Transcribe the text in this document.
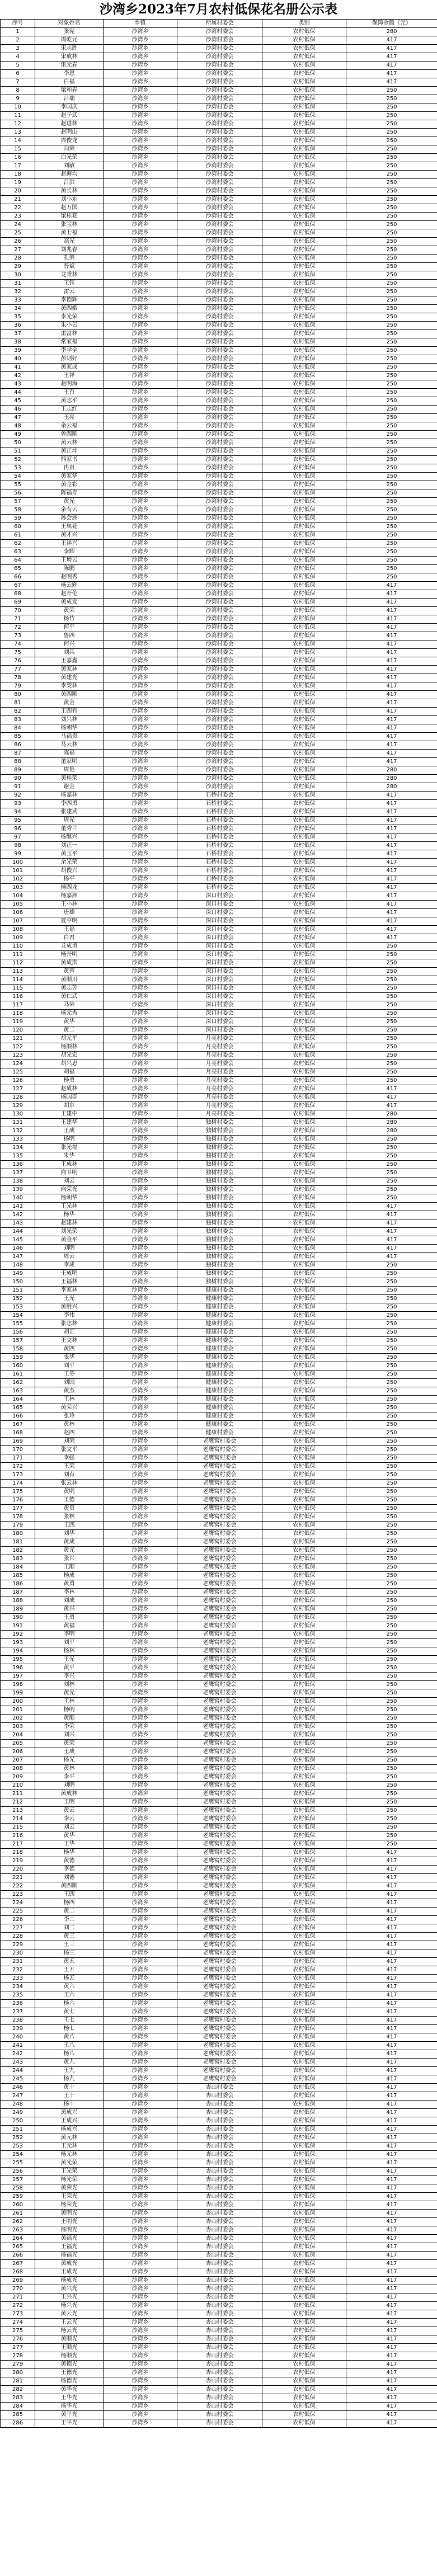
沙湾乡2023年7月农村低保花名册公示表
序号	对象姓名	乡镇	所属村委会	类别	保障金额（元）
1	张宪	沙湾乡	沙湾村委会	农村低保	280
2	周乾元	沙湾乡	沙湾村委会	农村低保	417
3	宋志胜	沙湾乡	沙湾村委会	农村低保	417
4	宋成林	沙湾乡	沙湾村委会	农村低保	417
5	雷元春	沙湾乡	沙湾村委会	农村低保	417
6	李恩	沙湾乡	沙湾村委会	农村低保	417
7	白福	沙湾乡	沙湾村委会	农村低保	417
8	梁和春	沙湾乡	沙湾村委会	农村低保	250
9	吕瑞	沙湾乡	沙湾村委会	农村低保	250
10	李国庆	沙湾乡	沙湾村委会	农村低保	250
11	赵子武	沙湾乡	沙湾村委会	农村低保	250
12	赵进林	沙湾乡	沙湾村委会	农村低保	250
13	赵明山	沙湾乡	沙湾村委会	农村低保	250
14	周俊龙	沙湾乡	沙湾村委会	农村低保	250
15	向荣	沙湾乡	沙湾村委会	农村低保	250
16	白光荣	沙湾乡	沙湾村委会	农村低保	250
17	刘敏	沙湾乡	沙湾村委会	农村低保	250
18	赵海均	沙湾乡	沙湾村委会	农村低保	250
19	吕洪	沙湾乡	沙湾村委会	农村低保	250
20	黄长林	沙湾乡	沙湾村委会	农村低保	250
21	刘小东	沙湾乡	沙湾村委会	农村低保	250
22	赵万国	沙湾乡	沙湾村委会	农村低保	250
23	梁桂花	沙湾乡	沙湾村委会	农村低保	250
24	张宝林	沙湾乡	沙湾村委会	农村低保	250
25	黄七福	沙湾乡	沙湾村委会	农村低保	250
26	高光	沙湾乡	沙湾村委会	农村低保	250
27	刘兆春	沙湾乡	沙湾村委会	农村低保	250
28	孔荣	沙湾乡	沙湾村委会	农村低保	250
29	普斌	沙湾乡	沙湾村委会	农村低保	250
30	龙秉林	沙湾乡	沙湾村委会	农村低保	250
31	王钰	沙湾乡	沙湾村委会	农村低保	250
32	雷云	沙湾乡	沙湾村委会	农村低保	250
33	李德辉	沙湾乡	沙湾村委会	农村低保	250
34	黄四娥	沙湾乡	沙湾村委会	农村低保	250
35	李光荣	沙湾乡	沙湾村委会	农村低保	250
36	朱小云	沙湾乡	沙湾村委会	农村低保	250
37	雷富林	沙湾乡	沙湾村委会	农村低保	250
38	常家福	沙湾乡	沙湾村委会	农村低保	250
39	李学全	沙湾乡	沙湾村委会	农村低保	250
40	彭则好	沙湾乡	沙湾村委会	农村低保	250
41	黄家成	沙湾乡	沙湾村委会	农村低保	250
42	王祥	沙湾乡	沙湾村委会	农村低保	250
43	赵明海	沙湾乡	沙湾村委会	农村低保	250
44	王有	沙湾乡	沙湾村委会	农村低保	250
45	黄志平	沙湾乡	沙湾村委会	农村低保	250
46	王志红	沙湾乡	沙湾村委会	农村低保	250
47	王亮	沙湾乡	沙湾村委会	农村低保	250
48	余云福	沙湾乡	沙湾村委会	农村低保	250
49	鲁四顺	沙湾乡	沙湾村委会	农村低保	250
50	黄云林	沙湾乡	沙湾村委会	农村低保	250
51	黄正坤	沙湾乡	沙湾村委会	农村低保	250
52	熊家书	沙湾乡	沙湾村委会	农村低保	250
53	冉贵	沙湾乡	沙湾村委会	农村低保	250
54	黄家华	沙湾乡	沙湾村委会	农村低保	250
55	黄金彩	沙湾乡	沙湾村委会	农村低保	250
56	陈福寿	沙湾乡	沙湾村委会	农村低保	250
57	黄光	沙湾乡	沙湾村委会	农村低保	250
58	余有云	沙湾乡	沙湾村委会	农村低保	250
59	孙会洲	沙湾乡	沙湾村委会	农村低保	250
60	王凤花	沙湾乡	沙湾村委会	农村低保	250
61	黄才兴	沙湾乡	沙湾村委会	农村低保	250
62	王祥兴	沙湾乡	沙湾村委会	农村低保	250
63	李辉	沙湾乡	沙湾村委会	农村低保	250
64	王增云	沙湾乡	沙湾村委会	农村低保	250
65	陈鹏	沙湾乡	沙湾村委会	农村低保	250
66	赵明秀	沙湾乡	沙湾村委会	农村低保	250
67	杨云辉	沙湾乡	沙湾村委会	农村低保	417
68	赵开伦	沙湾乡	沙湾村委会	农村低保	417
69	黄成发	沙湾乡	沙湾村委会	农村低保	417
70	黄荣	沙湾乡	沙湾村委会	农村低保	417
71	杨竹	沙湾乡	沙湾村委会	农村低保	417
72	何平	沙湾乡	沙湾村委会	农村低保	417
73	鲁四	沙湾乡	沙湾村委会	农村低保	417
74	何兴	沙湾乡	沙湾村委会	农村低保	417
75	刘兵	沙湾乡	沙湾村委会	农村低保	417
76	王嘉鑫	沙湾乡	沙湾村委会	农村低保	417
77	黄家林	沙湾乡	沙湾村委会	农村低保	417
78	黄建光	沙湾乡	沙湾村委会	农村低保	417
79	李梨林	沙湾乡	沙湾村委会	农村低保	417
80	黄四顺	沙湾乡	沙湾村委会	农村低保	417
81	黄金	沙湾乡	沙湾村委会	农村低保	417
82	王四有	沙湾乡	沙湾村委会	农村低保	417
83	刘兴林	沙湾乡	沙湾村委会	农村低保	417
84	杨朝华	沙湾乡	沙湾村委会	农村低保	417
85	马福贵	沙湾乡	沙湾村委会	农村低保	417
86	马云林	沙湾乡	沙湾村委会	农村低保	417
87	陈福	沙湾乡	沙湾村委会	农村低保	417
88	董家明	沙湾乡	沙湾村委会	农村低保	417
89	周艳	沙湾乡	沙湾村委会	农村低保	280
90	黄桂荣	沙湾乡	沙湾村委会	农村低保	280
91	谢金	沙湾乡	沙湾村委会	农村低保	280
92	杨嘉林	沙湾乡	石桥村委会	农村低保	417
93	李四勇	沙湾乡	石桥村委会	农村低保	417
94	张建武	沙湾乡	石桥村委会	农村低保	417
95	周光	沙湾乡	石桥村委会	农村低保	417
96	董秀兰	沙湾乡	石桥村委会	农村低保	417
97	杨继兴	沙湾乡	石桥村委会	农村低保	417
98	刘正一	沙湾乡	石桥村委会	农村低保	417
99	黄玉平	沙湾乡	石桥村委会	农村低保	417
100	余光荣	沙湾乡	石桥村委会	农村低保	417
101	胡俊兴	沙湾乡	石桥村委会	农村低保	417
102	杨平	沙湾乡	石桥村委会	农村低保	417
103	杨四龙	沙湾乡	石桥村委会	农村低保	417
104	杨嘉洲	沙湾乡	深口村委会	农村低保	417
105	王小林	沙湾乡	深口村委会	农村低保	417
106	唐雄	沙湾乡	深口村委会	农村低保	417
107	夏亨明	沙湾乡	深口村委会	农村低保	417
108	王福	沙湾乡	深口村委会	农村低保	417
109	白君	沙湾乡	深口村委会	农村低保	417
110	龙成勇	沙湾乡	深口村委会	农村低保	250
111	杨开明	沙湾乡	深口村委会	农村低保	250
112	黄成洪	沙湾乡	深口村委会	农村低保	250
113	黄蓉	沙湾乡	深口村委会	农村低保	250
114	黄顺川	沙湾乡	深口村委会	农村低保	250
115	黄志芳	沙湾乡	深口村委会	农村低保	250
116	黄仁武	沙湾乡	深口村委会	农村低保	250
117	马荣	沙湾乡	深口村委会	农村低保	250
118	杨元秀	沙湾乡	深口村委会	农村低保	250
119	黄华	沙湾乡	深口村委会	农村低保	250
120	黄二	沙湾乡	深口村委会	农村低保	250
121	胡元平	沙湾乡	月亮村委会	农村低保	250
122	杨顺林	沙湾乡	月亮村委会	农村低保	250
123	胡光宏	沙湾乡	月亮村委会	农村低保	250
124	胡兴忠	沙湾乡	月亮村委会	农村低保	250
125	胡福	沙湾乡	月亮村委会	农村低保	250
126	杨勇	沙湾乡	月亮村委会	农村低保	250
127	赵成林	沙湾乡	月亮村委会	农村低保	417
128	杨国群	沙湾乡	月亮村委会	农村低保	417
129	胡东	沙湾乡	月亮村委会	农村低保	417
130	王建中	沙湾乡	月亮村委会	农村低保	280
131	王建华	沙湾乡	独树村委会	农村低保	280
132	王成	沙湾乡	独树村委会	农村低保	280
133	杨明	沙湾乡	独树村委会	农村低保	250
134	张光福	沙湾乡	独树村委会	农村低保	250
135	朱华	沙湾乡	独树村委会	农村低保	250
136	王成林	沙湾乡	独树村委会	农村低保	250
137	向卫明	沙湾乡	独树村委会	农村低保	250
138	刘云	沙湾乡	独树村委会	农村低保	250
139	向荣光	沙湾乡	独树村委会	农村低保	250
140	杨朝华	沙湾乡	独树村委会	农村低保	250
141	王光林	沙湾乡	独树村委会	农村低保	417
142	杨华	沙湾乡	独树村委会	农村低保	417
143	赵建林	沙湾乡	独树村委会	农村低保	417
144	刘光荣	沙湾乡	独树村委会	农村低保	417
145	黄金平	沙湾乡	独树村委会	农村低保	417
146	刘明	沙湾乡	独树村委会	农村低保	417
147	周云	沙湾乡	独树村委会	农村低保	417
148	李成	沙湾乡	独树村委会	农村低保	250
149	王成明	沙湾乡	独树村委会	农村低保	250
150	王福林	沙湾乡	独树村委会	农村低保	250
151	李家林	沙湾乡	健康村委会	农村低保	250
152	王光	沙湾乡	健康村委会	农村低保	250
153	黄胜兴	沙湾乡	健康村委会	农村低保	250
154	李伟	沙湾乡	健康村委会	农村低保	250
155	张志林	沙湾乡	健康村委会	农村低保	250
156	胡正	沙湾乡	健康村委会	农村低保	250
157	王文林	沙湾乡	健康村委会	农村低保	250
158	黄四	沙湾乡	健康村委会	农村低保	250
159	张华	沙湾乡	健康村委会	农村低保	250
160	刘平	沙湾乡	健康村委会	农村低保	250
161	王芬	沙湾乡	健康村委会	农村低保	250
162	刘国	沙湾乡	健康村委会	农村低保	250
163	黄杰	沙湾乡	健康村委会	农村低保	250
164	王林	沙湾乡	健康村委会	农村低保	250
165	黄荣兴	沙湾乡	健康村委会	农村低保	250
166	张玲	沙湾乡	健康村委会	农村低保	250
167	黄林	沙湾乡	健康村委会	农村低保	250
168	赵四	沙湾乡	健康村委会	农村低保	250
169	刘荣	沙湾乡	老鹰窝村委会	农村低保	250
170	张文平	沙湾乡	老鹰窝村委会	农村低保	250
171	李强	沙湾乡	老鹰窝村委会	农村低保	250
172	王荣	沙湾乡	老鹰窝村委会	农村低保	250
173	刘有	沙湾乡	老鹰窝村委会	农村低保	250
174	张云林	沙湾乡	老鹰窝村委会	农村低保	250
175	黄明	沙湾乡	老鹰窝村委会	农村低保	250
176	王德	沙湾乡	老鹰窝村委会	农村低保	250
177	黄贵	沙湾乡	老鹰窝村委会	农村低保	250
178	张林	沙湾乡	老鹰窝村委会	农村低保	250
179	王四	沙湾乡	老鹰窝村委会	农村低保	250
180	刘华	沙湾乡	老鹰窝村委会	农村低保	250
181	黄成	沙湾乡	老鹰窝村委会	农村低保	250
182	黄元	沙湾乡	老鹰窝村委会	农村低保	250
183	张兴	沙湾乡	老鹰窝村委会	农村低保	250
184	王顺	沙湾乡	老鹰窝村委会	农村低保	250
185	杨成	沙湾乡	老鹰窝村委会	农村低保	250
186	黄勇	沙湾乡	老鹰窝村委会	农村低保	250
187	李林	沙湾乡	老鹰窝村委会	农村低保	250
188	刘成	沙湾乡	老鹰窝村委会	农村低保	250
189	黄兴	沙湾乡	老鹰窝村委会	农村低保	250
190	王勇	沙湾乡	老鹰窝村委会	农村低保	250
191	黄福	沙湾乡	老鹰窝村委会	农村低保	250
192	李明	沙湾乡	老鹰窝村委会	农村低保	250
193	刘平	沙湾乡	老鹰窝村委会	农村低保	250
194	杨林	沙湾乡	老鹰窝村委会	农村低保	250
195	王光	沙湾乡	老鹰窝村委会	农村低保	250
196	黄平	沙湾乡	老鹰窝村委会	农村低保	250
197	李兴	沙湾乡	老鹰窝村委会	农村低保	250
198	刘林	沙湾乡	老鹰窝村委会	农村低保	250
199	黄光	沙湾乡	老鹰窝村委会	农村低保	250
200	王林	沙湾乡	老鹰窝村委会	农村低保	250
201	杨明	沙湾乡	老鹰窝村委会	农村低保	250
202	黄顺	沙湾乡	老鹰窝村委会	农村低保	250
203	李荣	沙湾乡	老鹰窝村委会	农村低保	250
204	刘兴	沙湾乡	老鹰窝村委会	农村低保	250
205	黄荣	沙湾乡	老鹰窝村委会	农村低保	250
206	王成	沙湾乡	老鹰窝村委会	农村低保	250
207	杨光	沙湾乡	老鹰窝村委会	农村低保	250
208	黄林	沙湾乡	老鹰窝村委会	农村低保	250
209	李平	沙湾乡	老鹰窝村委会	农村低保	250
210	刘明	沙湾乡	老鹰窝村委会	农村低保	250
211	黄成林	沙湾乡	老鹰窝村委会	农村低保	250
212	王明	沙湾乡	老鹰窝村委会	农村低保	250
213	黄云	沙湾乡	老鹰窝村委会	农村低保	250
214	李云	沙湾乡	老鹰窝村委会	农村低保	250
215	刘云	沙湾乡	老鹰窝村委会	农村低保	250
216	黄华	沙湾乡	老鹰窝村委会	农村低保	250
217	王华	沙湾乡	老鹰窝村委会	农村低保	250
218	杨华	沙湾乡	老鹰窝村委会	农村低保	417
219	黄德	沙湾乡	老鹰窝村委会	农村低保	417
220	李德	沙湾乡	老鹰窝村委会	农村低保	417
221	刘德	沙湾乡	老鹰窝村委会	农村低保	417
222	黄四顺	沙湾乡	老鹰窝村委会	农村低保	417
223	王四	沙湾乡	老鹰窝村委会	农村低保	417
224	杨四	沙湾乡	老鹰窝村委会	农村低保	417
225	黄二	沙湾乡	老鹰窝村委会	农村低保	417
226	李二	沙湾乡	老鹰窝村委会	农村低保	417
227	刘二	沙湾乡	老鹰窝村委会	农村低保	417
228	黄三	沙湾乡	老鹰窝村委会	农村低保	417
229	王三	沙湾乡	老鹰窝村委会	农村低保	417
230	杨三	沙湾乡	老鹰窝村委会	农村低保	417
231	黄五	沙湾乡	老鹰窝村委会	农村低保	417
232	王五	沙湾乡	老鹰窝村委会	农村低保	417
233	杨五	沙湾乡	老鹰窝村委会	农村低保	417
234	黄六	沙湾乡	老鹰窝村委会	农村低保	417
235	王六	沙湾乡	老鹰窝村委会	农村低保	417
236	杨六	沙湾乡	老鹰窝村委会	农村低保	417
237	黄七	沙湾乡	老鹰窝村委会	农村低保	417
238	王七	沙湾乡	老鹰窝村委会	农村低保	417
239	杨七	沙湾乡	老鹰窝村委会	农村低保	417
240	黄八	沙湾乡	老鹰窝村委会	农村低保	417
241	王八	沙湾乡	老鹰窝村委会	农村低保	417
242	杨八	沙湾乡	老鹰窝村委会	农村低保	417
243	黄九	沙湾乡	老鹰窝村委会	农村低保	417
244	王九	沙湾乡	老鹰窝村委会	农村低保	417
245	杨九	沙湾乡	老鹰窝村委会	农村低保	417
246	黄十	沙湾乡	杏山村委会	农村低保	417
247	王十	沙湾乡	杏山村委会	农村低保	417
248	杨十	沙湾乡	杏山村委会	农村低保	417
249	黄成兴	沙湾乡	杏山村委会	农村低保	417
250	王成兴	沙湾乡	杏山村委会	农村低保	417
251	杨成兴	沙湾乡	杏山村委会	农村低保	417
252	黄元林	沙湾乡	杏山村委会	农村低保	417
253	王元林	沙湾乡	杏山村委会	农村低保	417
254	杨元林	沙湾乡	杏山村委会	农村低保	417
255	黄光荣	沙湾乡	杏山村委会	农村低保	417
256	王光荣	沙湾乡	杏山村委会	农村低保	417
257	杨光荣	沙湾乡	杏山村委会	农村低保	417
258	黄荣光	沙湾乡	杏山村委会	农村低保	417
259	王荣光	沙湾乡	杏山村委会	农村低保	417
260	杨荣光	沙湾乡	杏山村委会	农村低保	417
261	黄明光	沙湾乡	杏山村委会	农村低保	417
262	王明光	沙湾乡	杏山村委会	农村低保	417
263	杨明光	沙湾乡	杏山村委会	农村低保	417
264	黄福光	沙湾乡	杏山村委会	农村低保	417
265	王福光	沙湾乡	杏山村委会	农村低保	417
266	杨福光	沙湾乡	杏山村委会	农村低保	417
267	黄成光	沙湾乡	杏山村委会	农村低保	417
268	王成光	沙湾乡	杏山村委会	农村低保	417
269	杨成光	沙湾乡	杏山村委会	农村低保	417
270	黄兴光	沙湾乡	杏山村委会	农村低保	417
271	王兴光	沙湾乡	杏山村委会	农村低保	417
272	杨兴光	沙湾乡	杏山村委会	农村低保	417
273	黄云光	沙湾乡	杏山村委会	农村低保	417
274	王云光	沙湾乡	杏山村委会	农村低保	417
275	杨云光	沙湾乡	杏山村委会	农村低保	417
276	黄顺光	沙湾乡	杏山村委会	农村低保	417
277	王顺光	沙湾乡	杏山村委会	农村低保	417
278	杨顺光	沙湾乡	杏山村委会	农村低保	417
279	黄德光	沙湾乡	杏山村委会	农村低保	417
280	王德光	沙湾乡	杏山村委会	农村低保	417
281	杨德光	沙湾乡	杏山村委会	农村低保	417
282	黄华光	沙湾乡	杏山村委会	农村低保	417
283	王华光	沙湾乡	杏山村委会	农村低保	417
284	杨华光	沙湾乡	杏山村委会	农村低保	417
285	黄平光	沙湾乡	杏山村委会	农村低保	417
286	王平光	沙湾乡	杏山村委会	农村低保	417
